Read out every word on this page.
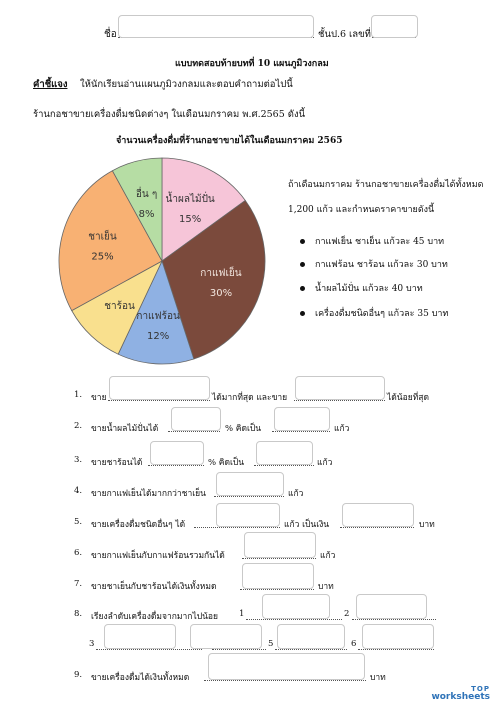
ชื่อ	ชั้นป.6 เลขที่
แบบทดสอบท้ายบทที่ 10 แผนภูมิวงกลม
คำชี้แจง ให้นักเรียนอ่านแผนภูมิวงกลมและตอบคำถามต่อไปนี้
ร้านกอชาขายเครื่องดื่มชนิดต่างๆ ในเดือนมกราคม พ.ศ.2565 ดังนี้
จำนวนเครื่องดื่มที่ร้านกอชาขายได้ในเดือนมกราคม 2565
น้ำผลไม้ปั่น
15%
กาแฟเย็น
30%
กาแฟร้อน
12%
ชาร้อน
ชาเย็น
25%
อื่น ๆ
8%
ถ้าเดือนมกราคม ร้านกอชาขายเครื่องดื่มได้ทั้งหมด
1,200 แก้ว และกำหนดราคาขายดังนี้
กาแฟเย็น ชาเย็น แก้วละ 45 บาท
กาแฟร้อน ชาร้อน แก้วละ 30 บาท
น้ำผลไม้ปั่น แก้วละ 40 บาท
เครื่องดื่มชนิดอื่นๆ แก้วละ 35 บาท
1. ขาย	ได้มากที่สุด และขาย	ได้น้อยที่สุด
2. ขายน้ำผลไม้ปั่นได้	% คิดเป็น	แก้ว
3. ขายชาร้อนได้	% คิดเป็น	แก้ว
4. ขายกาแฟเย็นได้มากกว่าชาเย็น	แก้ว
5. ขายเครื่องดื่มชนิดอื่นๆ ได้	แก้ว เป็นเงิน	บาท
6. ขายกาแฟเย็นกับกาแฟร้อนรวมกันได้	แก้ว
7. ขายชาเย็นกับชาร้อนได้เงินทั้งหมด	บาท
8. เรียงลำดับเครื่องดื่มจากมากไปน้อย 1	2
3	5	6
9. ขายเครื่องดื่มได้เงินทั้งหมด	บาท
TOP
worksheets
